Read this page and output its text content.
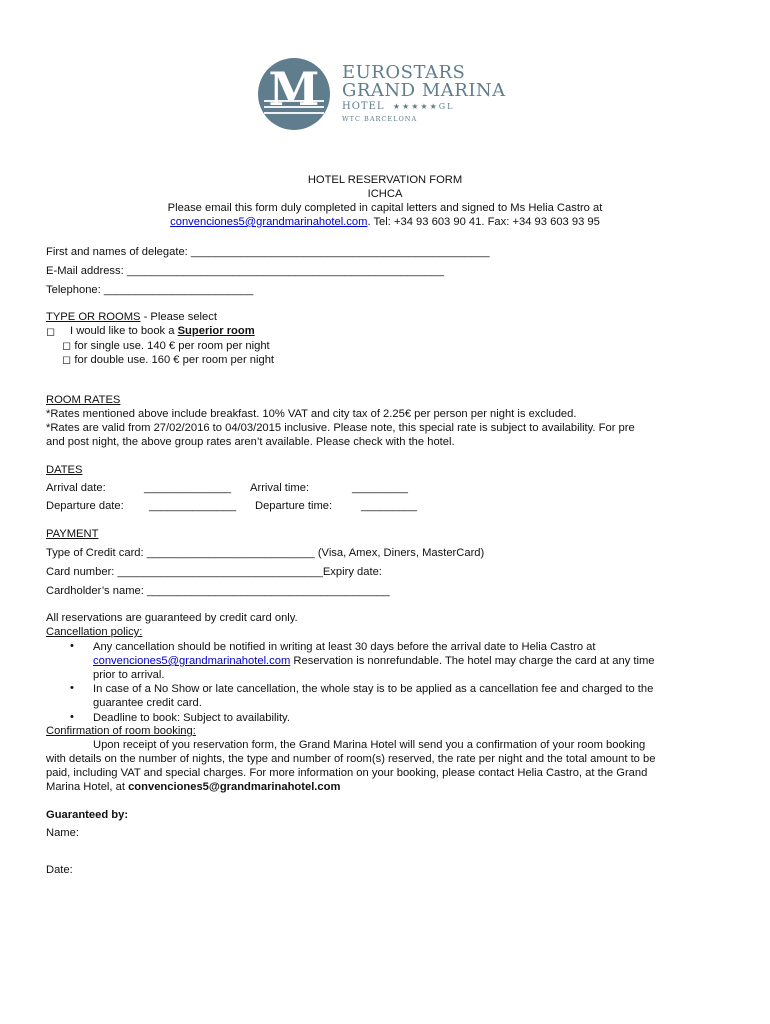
M	EUROSTARS
GRAND MARINA
HOTEL ★★★★★GL
WTC BARCELONA
HOTEL RESERVATION FORM
ICHCA
Please email this form duly completed in capital letters and signed to Ms Helia Castro at
convenciones5@grandmarinahotel.com. Tel: +34 93 603 90 41. Fax: +34 93 603 93 95
First and names of delegate: ________________________________________________
E-Mail address: ___________________________________________________
Telephone: ________________________
TYPE OR ROOMS - Please select
◻ I would like to book a Superior room
◻ for single use. 140 € per room per night
◻ for double use. 160 € per room per night
ROOM RATES
*Rates mentioned above include breakfast. 10% VAT and city tax of 2.25€ per person per night is excluded.
*Rates are valid from 27/02/2016 to 04/03/2015 inclusive. Please note, this special rate is subject to availability. For pre
and post night, the above group rates aren’t available. Please check with the hotel.
DATES
Arrival date:	______________ Arrival time:	_________
Departure date: ______________ Departure time:	_________
PAYMENT
Type of Credit card: ___________________________ (Visa, Amex, Diners, MasterCard)
Card number: _________________________________Expiry date:
Cardholder’s name: _______________________________________
All reservations are guaranteed by credit card only.
Cancellation policy:
• Any cancellation should be notified in writing at least 30 days before the arrival date to Helia Castro at
convenciones5@grandmarinahotel.com Reservation is nonrefundable. The hotel may charge the card at any time
prior to arrival.
• In case of a No Show or late cancellation, the whole stay is to be applied as a cancellation fee and charged to the
guarantee credit card.
• Deadline to book: Subject to availability.
Confirmation of room booking:
Upon receipt of you reservation form, the Grand Marina Hotel will send you a confirmation of your room booking
with details on the number of nights, the type and number of room(s) reserved, the rate per night and the total amount to be
paid, including VAT and special charges. For more information on your booking, please contact Helia Castro, at the Grand
Marina Hotel, at convenciones5@grandmarinahotel.com
Guaranteed by:
Name:
Date:
